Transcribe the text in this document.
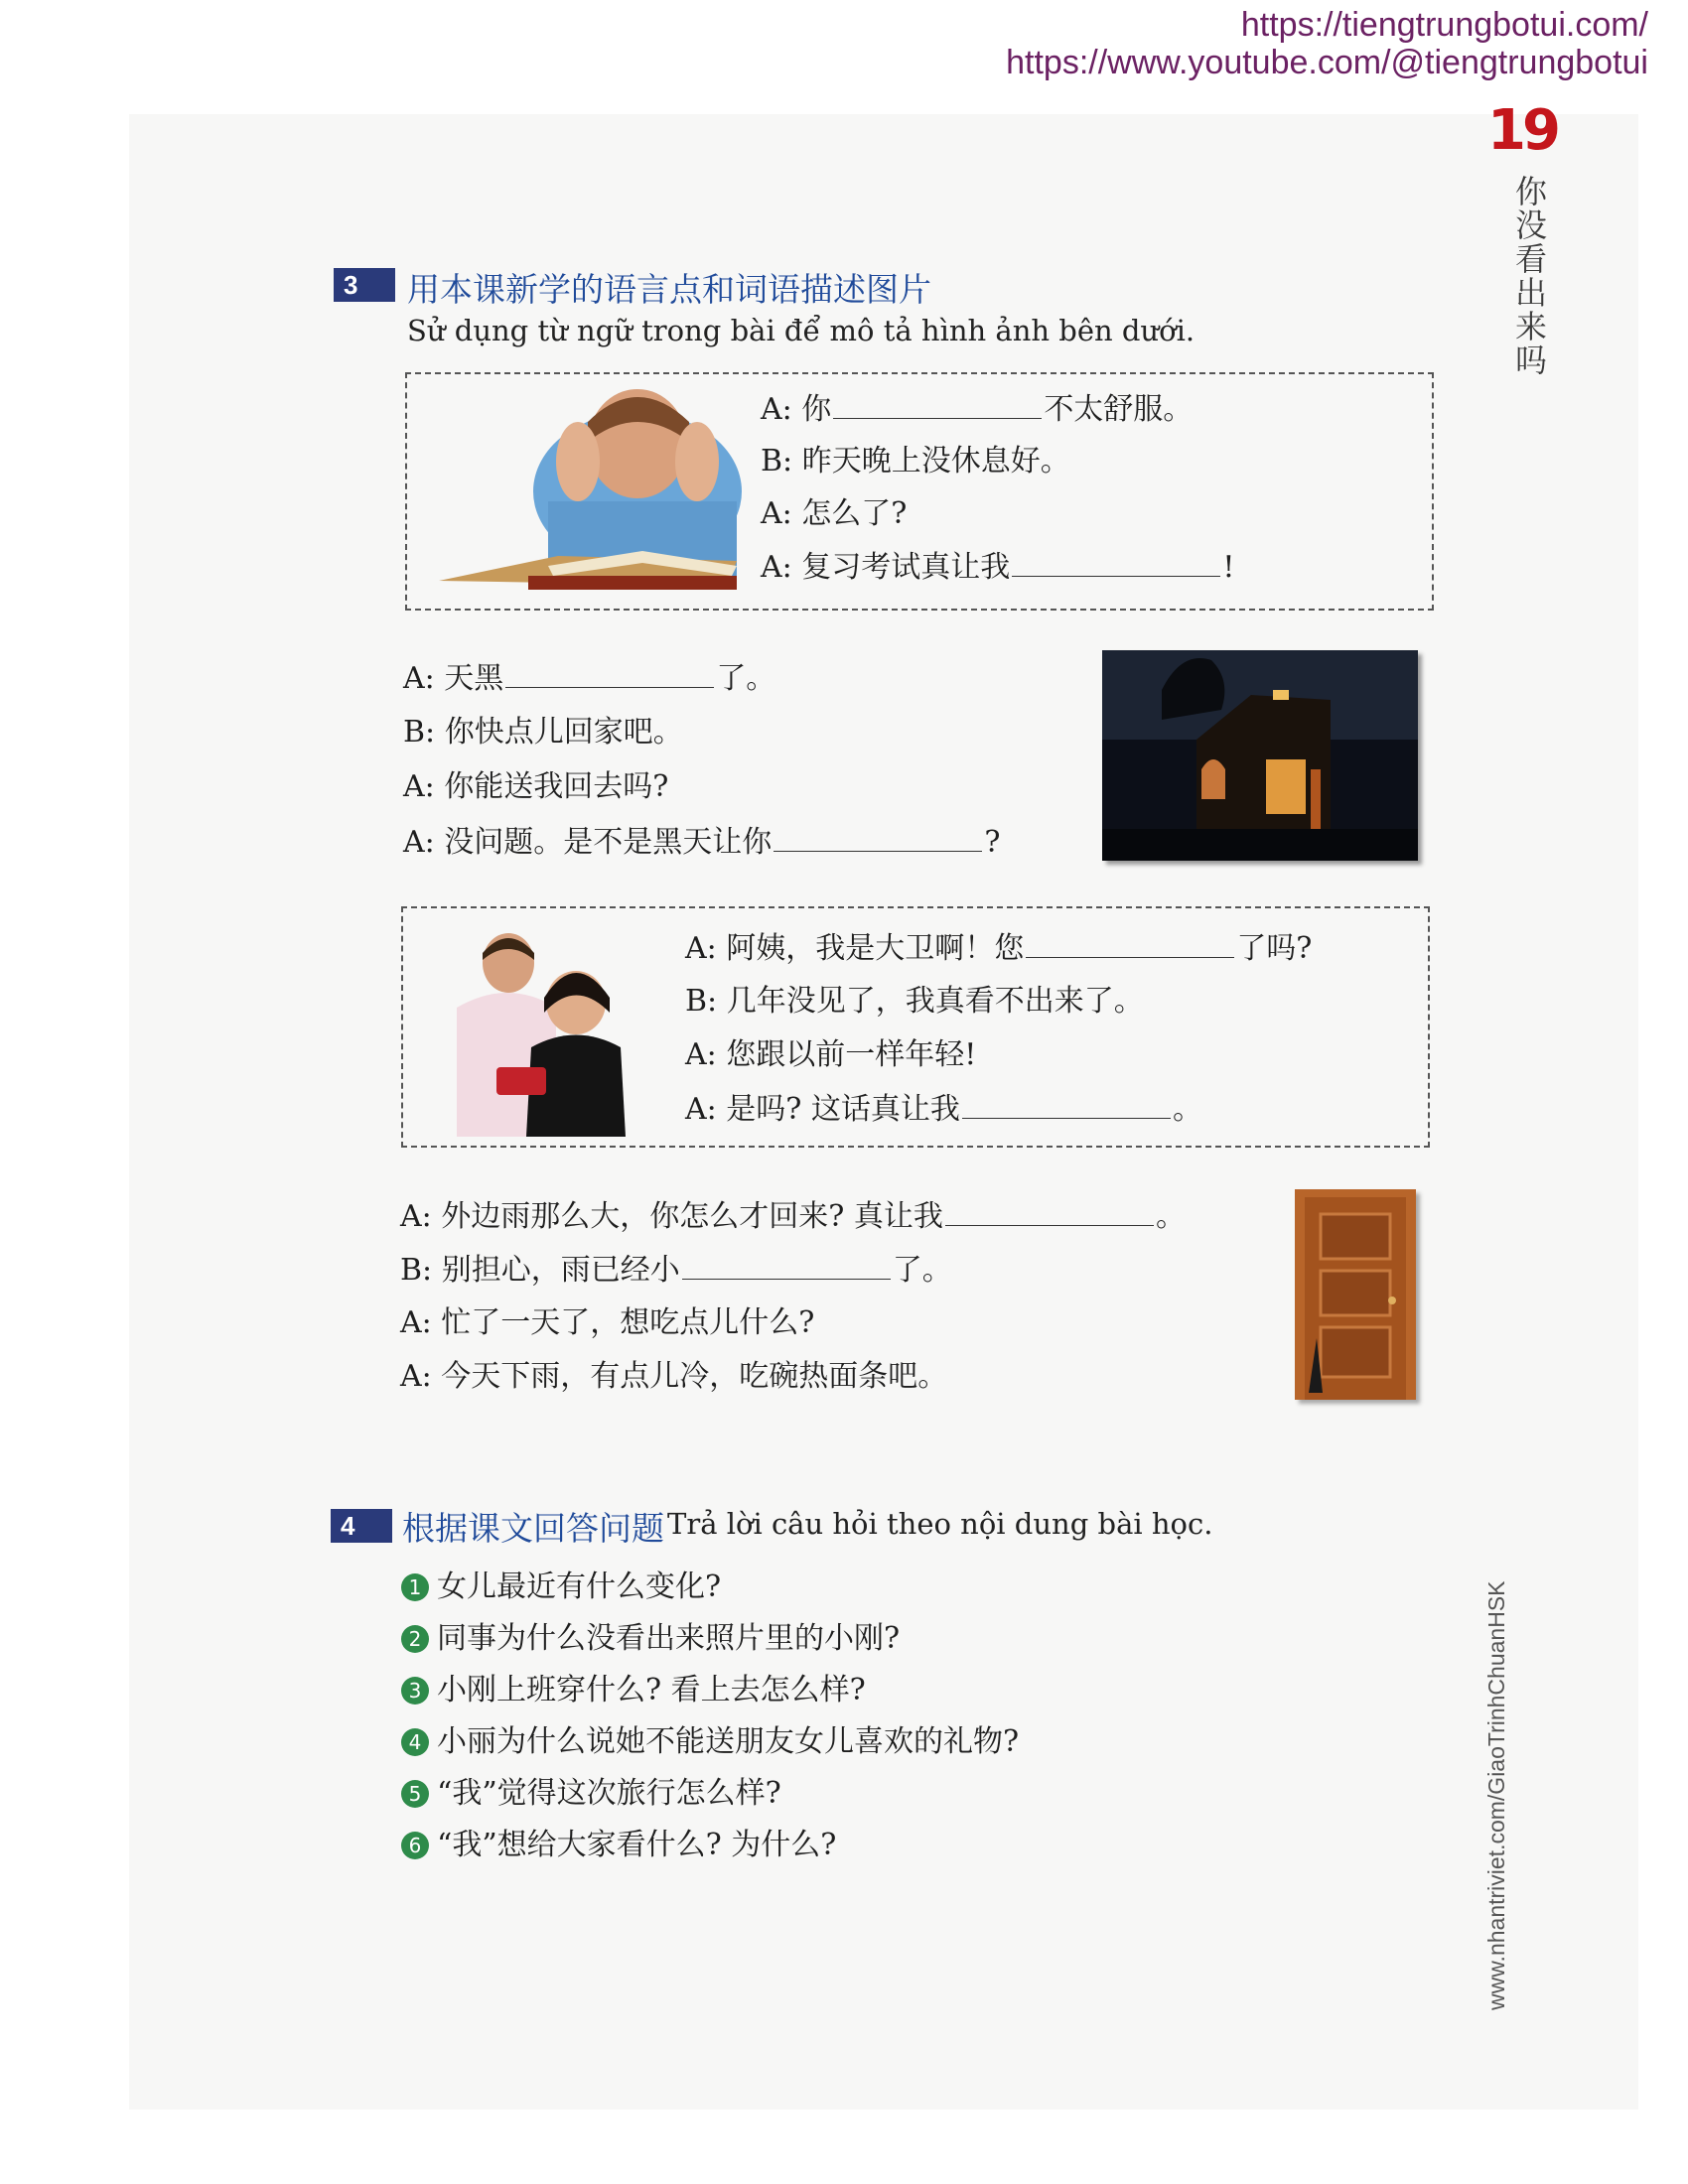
https://tiengtrungbotui.com/
https://www.youtube.com/@tiengtrungbotui
19
你没看出来吗
www.nhantriviet.com/GiaoTrinhChuanHSK
3	用本课新学的语言点和词语描述图片
Sử dụng từ ngữ trong bài để mô tả hình ảnh bên dưới.
A: 你	不太舒服。
B: 昨天晚上没休息好。
A: 怎么了?
A: 复习考试真让我	!
A: 天黑	了。
B: 你快点儿回家吧。
A: 你能送我回去吗?
A: 没问题。是不是黑天让你	?
A: 阿姨，我是大卫啊！您	了吗?
B: 几年没见了，我真看不出来了。
A: 您跟以前一样年轻!
A: 是吗? 这话真让我	。
A: 外边雨那么大，你怎么才回来? 真让我	。
B: 别担心，雨已经小	了。
A: 忙了一天了，想吃点儿什么?
A: 今天下雨，有点儿冷，吃碗热面条吧。
4	根据课文回答问题 Trả lời câu hỏi theo nội dung bài học.
1 女儿最近有什么变化?
2 同事为什么没看出来照片里的小刚?
3 小刚上班穿什么? 看上去怎么样?
4 小丽为什么说她不能送朋友女儿喜欢的礼物?
5 “我”觉得这次旅行怎么样?
6 “我”想给大家看什么? 为什么?
